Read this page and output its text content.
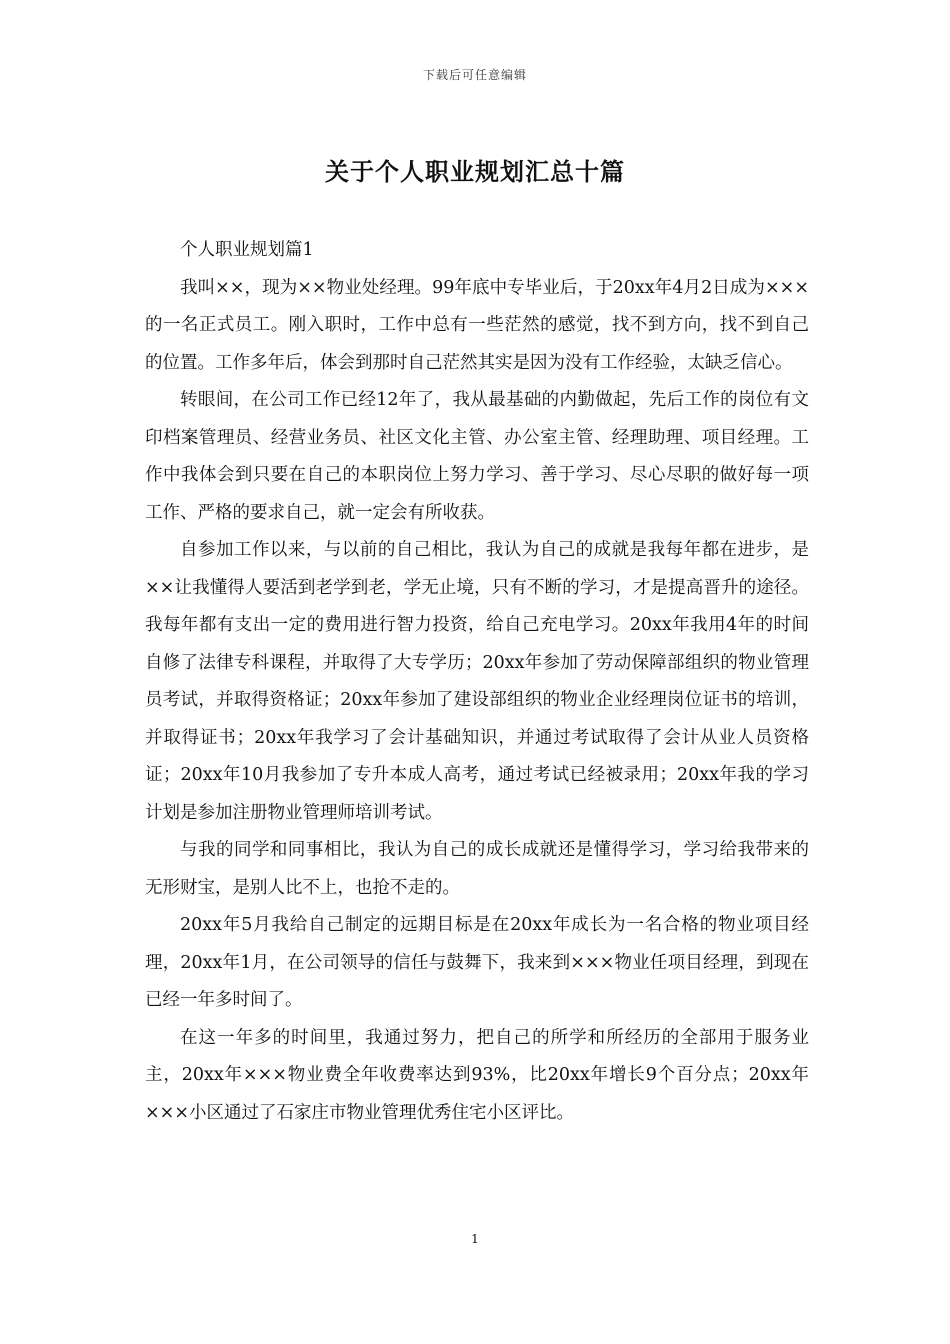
下载后可任意编辑
关于个人职业规划汇总十篇
个人职业规划篇1

我叫××，现为××物业处经理。99年底中专毕业后，于20xx年4月2日成为×××的一名正式员工。刚入职时，工作中总有一些茫然的感觉，找不到方向，找不到自己的位置。工作多年后，体会到那时自己茫然其实是因为没有工作经验，太缺乏信心。

转眼间，在公司工作已经12年了，我从最基础的内勤做起，先后工作的岗位有文印档案管理员、经营业务员、社区文化主管、办公室主管、经理助理、项目经理。工作中我体会到只要在自己的本职岗位上努力学习、善于学习、尽心尽职的做好每一项工作、严格的要求自己，就一定会有所收获。

自参加工作以来，与以前的自己相比，我认为自己的成就是我每年都在进步，是××让我懂得人要活到老学到老，学无止境，只有不断的学习，才是提高晋升的途径。我每年都有支出一定的费用进行智力投资，给自己充电学习。20xx年我用4年的时间自修了法律专科课程，并取得了大专学历；20xx年参加了劳动保障部组织的物业管理员考试，并取得资格证；20xx年参加了建设部组织的物业企业经理岗位证书的培训，并取得证书；20xx年我学习了会计基础知识，并通过考试取得了会计从业人员资格证；20xx年10月我参加了专升本成人高考，通过考试已经被录用；20xx年我的学习计划是参加注册物业管理师培训考试。

与我的同学和同事相比，我认为自己的成长成就还是懂得学习，学习给我带来的无形财宝，是别人比不上，也抢不走的。

20xx年5月我给自己制定的远期目标是在20xx年成长为一名合格的物业项目经理，20xx年1月，在公司领导的信任与鼓舞下，我来到×××物业任项目经理，到现在已经一年多时间了。

在这一年多的时间里，我通过努力，把自己的所学和所经历的全部用于服务业主，20xx年×××物业费全年收费率达到93%，比20xx年增长9个百分点；20xx年×××小区通过了石家庄市物业管理优秀住宅小区评比。

1
